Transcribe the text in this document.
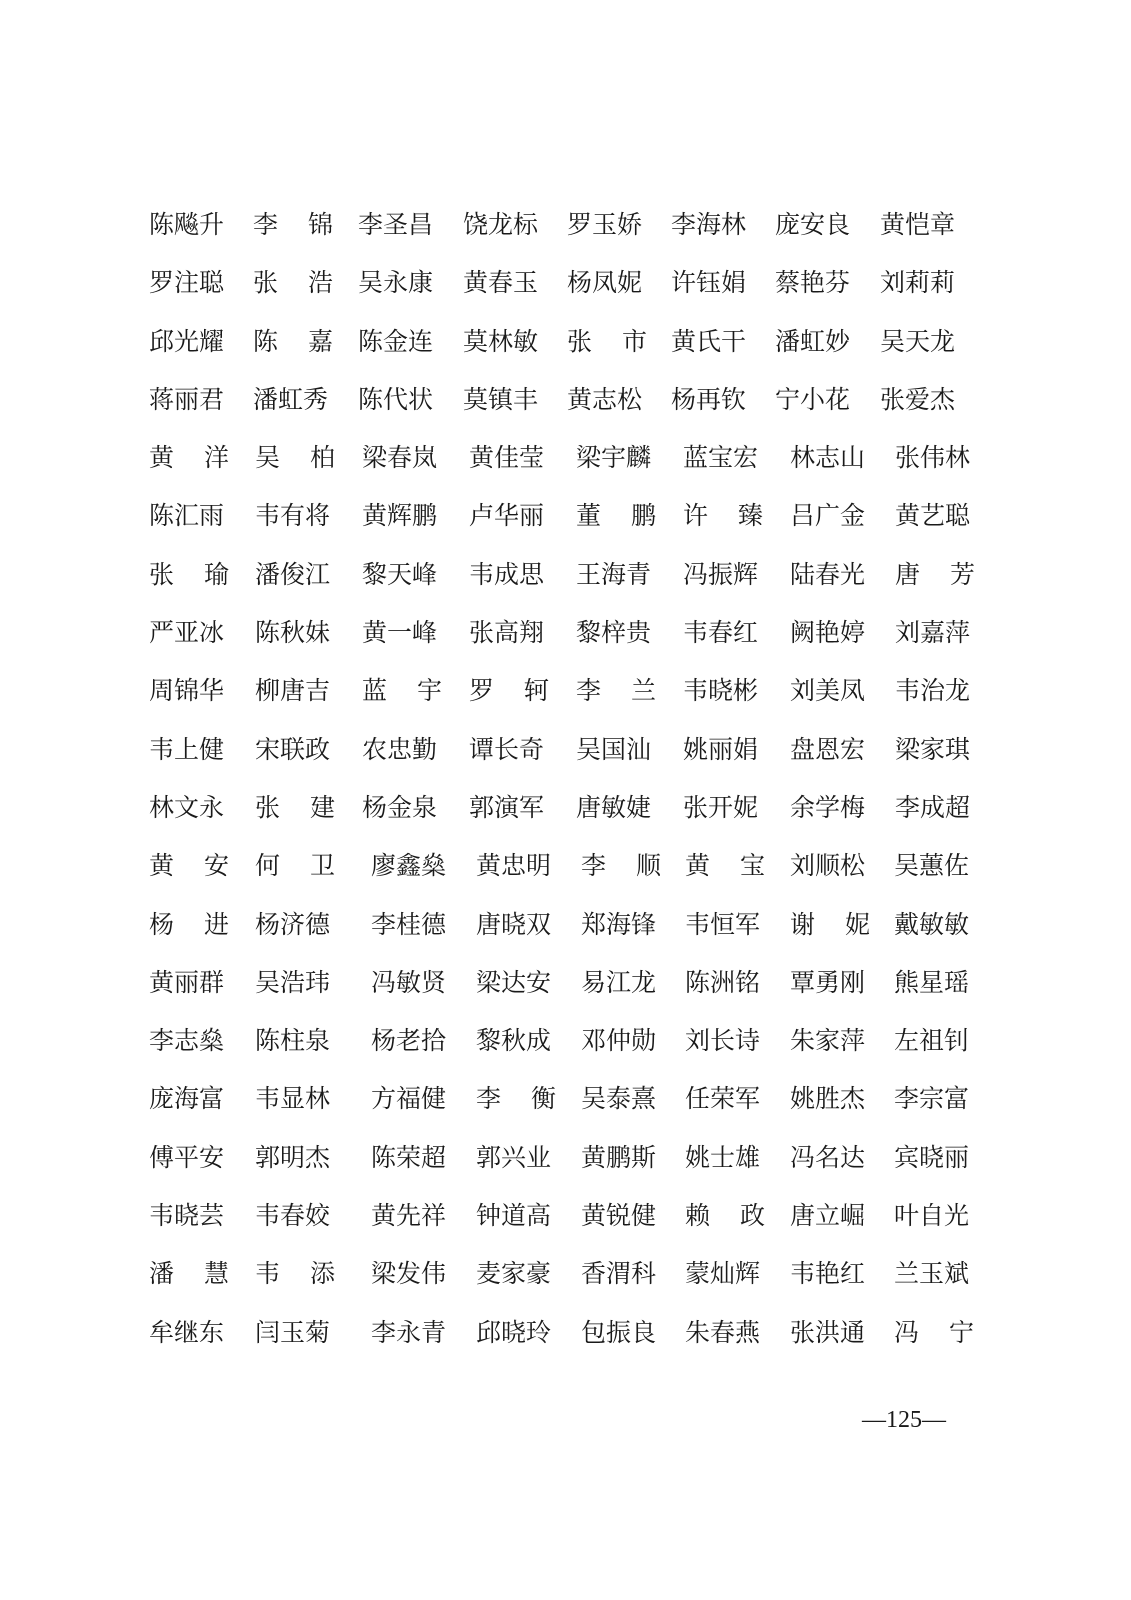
陈飚升 李　锦 李圣昌 饶龙标 罗玉娇 李海林 庞安良 黄恺章
罗注聪 张　浩 吴永康 黄春玉 杨凤妮 许钰娟 蔡艳芬 刘莉莉
邱光耀 陈　嘉 陈金连 莫林敏 张　市 黄氏干 潘虹妙 吴天龙
蒋丽君 潘虹秀 陈代状 莫镇丰 黄志松 杨再钦 宁小花 张爱杰
黄　洋 吴　柏 梁春岚 黄佳莹 梁宇麟 蓝宝宏 林志山 张伟林
陈汇雨 韦有将 黄辉鹏 卢华丽 董　鹏 许　臻 吕广金 黄艺聪
张　瑜 潘俊江 黎天峰 韦成思 王海青 冯振辉 陆春光 唐　芳
严亚冰 陈秋妹 黄一峰 张高翔 黎梓贵 韦春红 阙艳婷 刘嘉萍
周锦华 柳唐吉 蓝　宇 罗　轲 李　兰 韦晓彬 刘美凤 韦治龙
韦上健 宋联政 农忠勤 谭长奇 吴国汕 姚丽娟 盘恩宏 梁家琪
林文永 张　建 杨金泉 郭演军 唐敏婕 张开妮 余学梅 李成超
黄　安 何　卫 廖鑫燊 黄忠明 李　顺 黄　宝 刘顺松 吴蕙佐
杨　进 杨济德 李桂德 唐晓双 郑海锋 韦恒军 谢　妮 戴敏敏
黄丽群 吴浩玮 冯敏贤 梁达安 易江龙 陈洲铭 覃勇刚 熊星瑶
李志燊 陈柱泉 杨老拾 黎秋成 邓仲勋 刘长诗 朱家萍 左祖钊
庞海富 韦显林 方福健 李　衡 吴泰熹 任荣军 姚胜杰 李宗富
傅平安 郭明杰 陈荣超 郭兴业 黄鹏斯 姚士雄 冯名达 宾晓丽
韦晓芸 韦春姣 黄先祥 钟道高 黄锐健 赖　政 唐立崛 叶自光
潘　慧 韦　添 梁发伟 麦家豪 香渭科 蒙灿辉 韦艳红 兰玉斌
牟继东 闫玉菊 李永青 邱晓玲 包振良 朱春燕 张洪通 冯　宁
—125—
